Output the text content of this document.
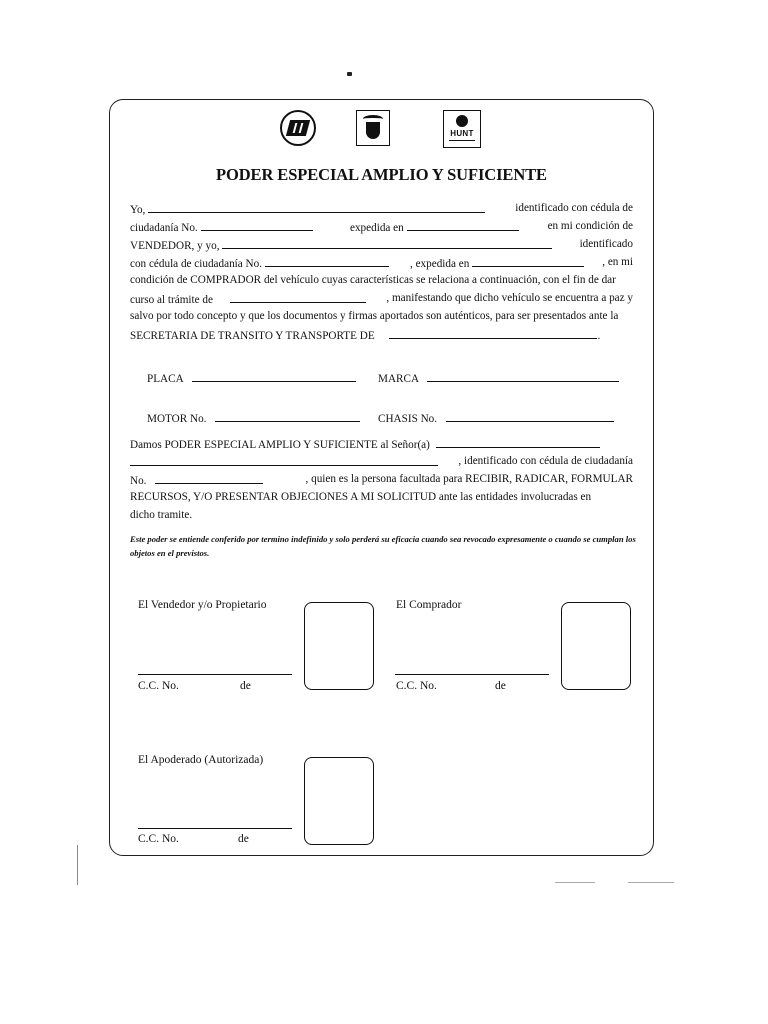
HUNT
PODER ESPECIAL AMPLIO Y SUFICIENTE
Yo,	identificado con cédula de
ciudadanía No.	expedida en	en mi condición de
VENDEDOR, y yo,	identificado
con cédula de ciudadanía No.	, expedida en	, en mi
condición de COMPRADOR del vehículo cuyas características se relaciona a continuación, con el fin de dar
curso al trámite de	, manifestando que dicho vehículo se encuentra a paz y
salvo por todo concepto y que los documentos y firmas aportados son auténticos, para ser presentados ante la
SECRETARIA DE TRANSITO Y TRANSPORTE DE	.
PLACA	MARCA
MOTOR No.	CHASIS No.
Damos PODER ESPECIAL AMPLIO Y SUFICIENTE al Señor(a)
, identificado con cédula de ciudadanía
No.	, quien es la persona facultada para RECIBIR, RADICAR, FORMULAR
RECURSOS, Y/O PRESENTAR OBJECIONES A MI SOLICITUD ante las entidades involucradas en
dicho tramite.
Este poder se entiende conferido por termino indefinido y solo perderá su eficacia cuando sea revocado expresamente o cuando se cumplan los objetos en el previstos.
El Vendedor y/o Propietario
C.C. No.	de
El Comprador
C.C. No.	de
El Apoderado (Autorizada)
C.C. No.	de
